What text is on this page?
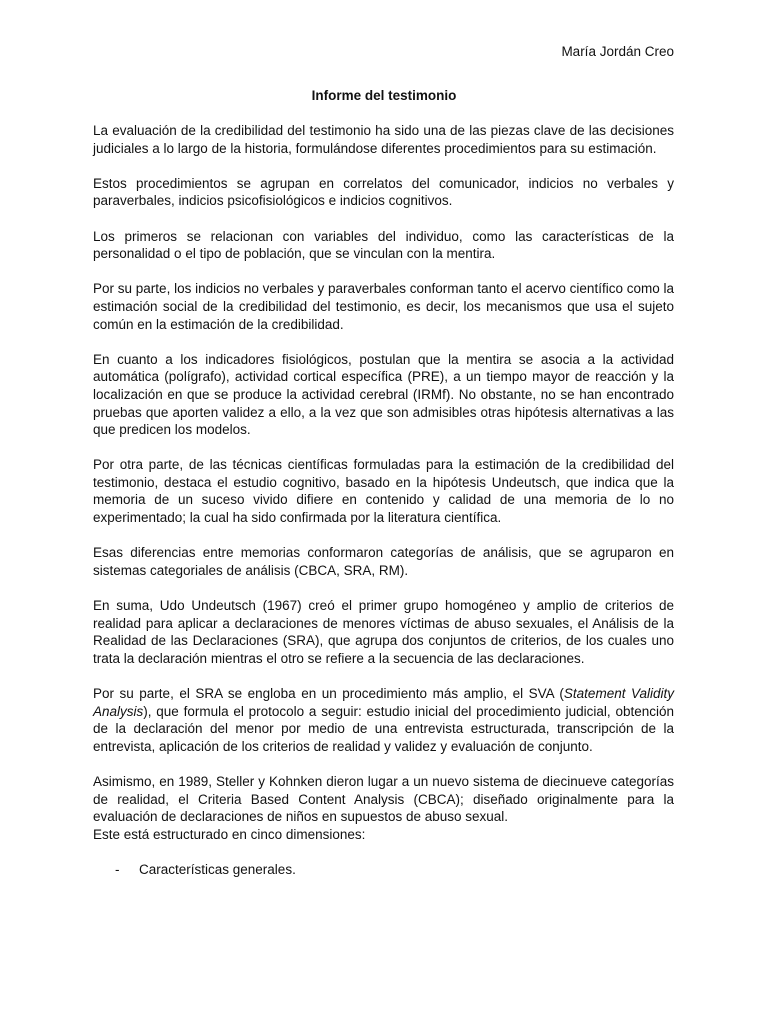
María Jordán Creo
Informe del testimonio

La evaluación de la credibilidad del testimonio ha sido una de las piezas clave de las decisiones judiciales a lo largo de la historia, formulándose diferentes procedimientos para su estimación.

Estos procedimientos se agrupan en correlatos del comunicador, indicios no verbales y paraverbales, indicios psicofisiológicos e indicios cognitivos.

Los primeros se relacionan con variables del individuo, como las características de la personalidad o el tipo de población, que se vinculan con la mentira.

Por su parte, los indicios no verbales y paraverbales conforman tanto el acervo científico como la estimación social de la credibilidad del testimonio, es decir, los mecanismos que usa el sujeto común en la estimación de la credibilidad.

En cuanto a los indicadores fisiológicos, postulan que la mentira se asocia a la actividad automática (polígrafo), actividad cortical específica (PRE), a un tiempo mayor de reacción y la localización en que se produce la actividad cerebral (IRMf). No obstante, no se han encontrado pruebas que aporten validez a ello, a la vez que son admisibles otras hipótesis alternativas a las que predicen los modelos.

Por otra parte, de las técnicas científicas formuladas para la estimación de la credibilidad del testimonio, destaca el estudio cognitivo, basado en la hipótesis Undeutsch, que indica que la memoria de un suceso vivido difiere en contenido y calidad de una memoria de lo no experimentado; la cual ha sido confirmada por la literatura científica.

Esas diferencias entre memorias conformaron categorías de análisis, que se agruparon en sistemas categoriales de análisis (CBCA, SRA, RM).

En suma, Udo Undeutsch (1967) creó el primer grupo homogéneo y amplio de criterios de realidad para aplicar a declaraciones de menores víctimas de abuso sexuales, el Análisis de la Realidad de las Declaraciones (SRA), que agrupa dos conjuntos de criterios, de los cuales uno trata la declaración mientras el otro se refiere a la secuencia de las declaraciones.

Por su parte, el SRA se engloba en un procedimiento más amplio, el SVA (Statement Validity Analysis), que formula el protocolo a seguir: estudio inicial del procedimiento judicial, obtención de la declaración del menor por medio de una entrevista estructurada, transcripción de la entrevista, aplicación de los criterios de realidad y validez y evaluación de conjunto.

Asimismo, en 1989, Steller y Kohnken dieron lugar a un nuevo sistema de diecinueve categorías de realidad, el Criteria Based Content Analysis (CBCA); diseñado originalmente para la evaluación de declaraciones de niños en supuestos de abuso sexual.

Este está estructurado en cinco dimensiones:

- Características generales.
